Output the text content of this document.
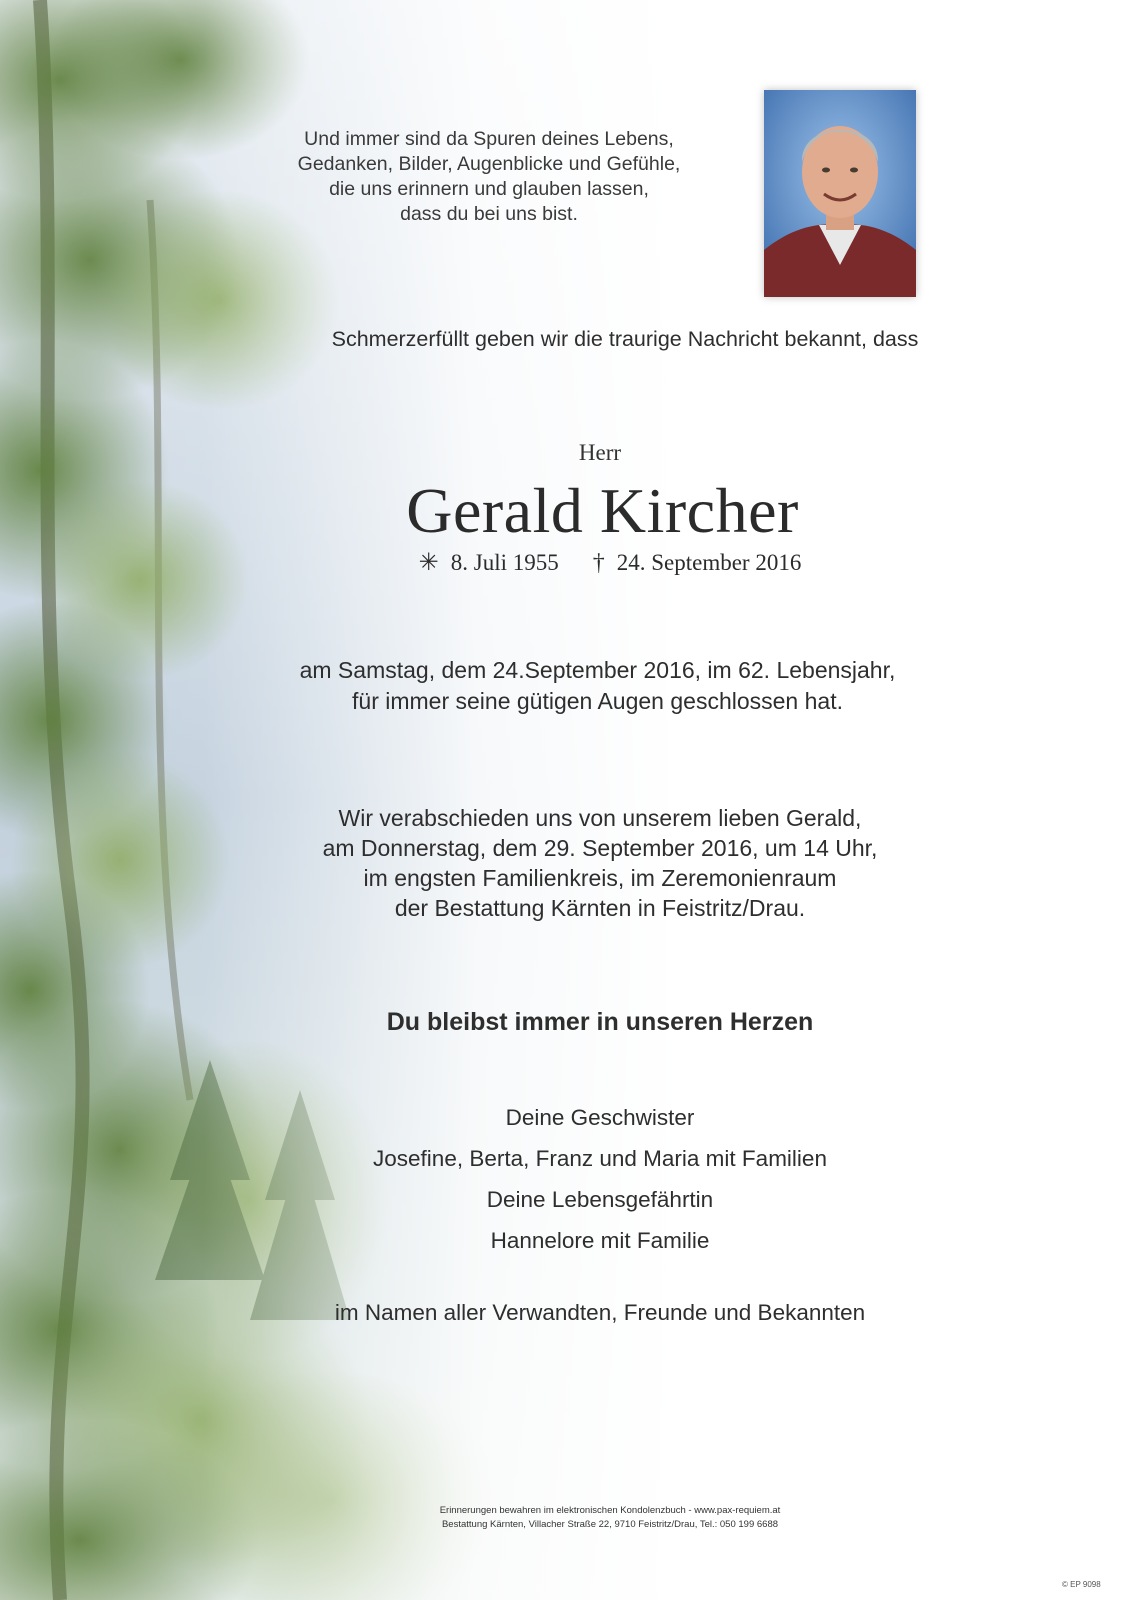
Und immer sind da Spuren deines Lebens,
Gedanken, Bilder, Augenblicke und Gefühle,
die uns erinnern und glauben lassen,
dass du bei uns bist.
Schmerzerfüllt geben wir die traurige Nachricht bekannt, dass
Herr
Gerald Kircher
✳ 8. Juli 1955 † 24. September 2016
am Samstag, dem 24.September 2016, im 62. Lebensjahr,
für immer seine gütigen Augen geschlossen hat.
Wir verabschieden uns von unserem lieben Gerald,
am Donnerstag, dem 29. September 2016, um 14 Uhr,
im engsten Familienkreis, im Zeremonienraum
der Bestattung Kärnten in Feistritz/Drau.
Du bleibst immer in unseren Herzen
Deine Geschwister
Josefine, Berta, Franz und Maria mit Familien
Deine Lebensgefährtin
Hannelore mit Familie
im Namen aller Verwandten, Freunde und Bekannten
Erinnerungen bewahren im elektronischen Kondolenzbuch - www.pax-requiem.at
Bestattung Kärnten, Villacher Straße 22, 9710 Feistritz/Drau, Tel.: 050 199 6688
© EP 9098
